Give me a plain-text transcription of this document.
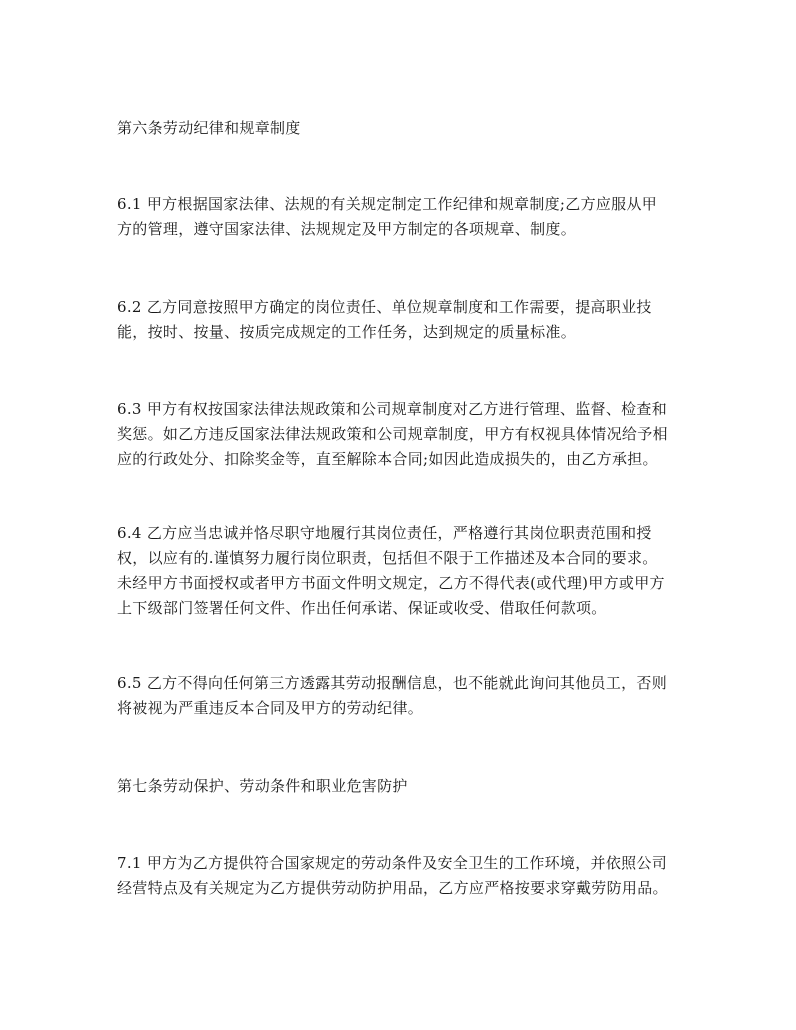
第六条劳动纪律和规章制度
6.1 甲方根据国家法律、法规的有关规定制定工作纪律和规章制度;乙方应服从甲
方的管理，遵守国家法律、法规规定及甲方制定的各项规章、制度。
6.2 乙方同意按照甲方确定的岗位责任、单位规章制度和工作需要，提高职业技
能，按时、按量、按质完成规定的工作任务，达到规定的质量标准。
6.3 甲方有权按国家法律法规政策和公司规章制度对乙方进行管理、监督、检查和
奖惩。如乙方违反国家法律法规政策和公司规章制度，甲方有权视具体情况给予相
应的行政处分、扣除奖金等，直至解除本合同;如因此造成损失的，由乙方承担。
6.4 乙方应当忠诚并恪尽职守地履行其岗位责任，严格遵行其岗位职责范围和授
权，以应有的.谨慎努力履行岗位职责，包括但不限于工作描述及本合同的要求。
未经甲方书面授权或者甲方书面文件明文规定，乙方不得代表(或代理)甲方或甲方
上下级部门签署任何文件、作出任何承诺、保证或收受、借取任何款项。
6.5 乙方不得向任何第三方透露其劳动报酬信息，也不能就此询问其他员工，否则
将被视为严重违反本合同及甲方的劳动纪律。
第七条劳动保护、劳动条件和职业危害防护
7.1 甲方为乙方提供符合国家规定的劳动条件及安全卫生的工作环境，并依照公司
经营特点及有关规定为乙方提供劳动防护用品，乙方应严格按要求穿戴劳防用品。
